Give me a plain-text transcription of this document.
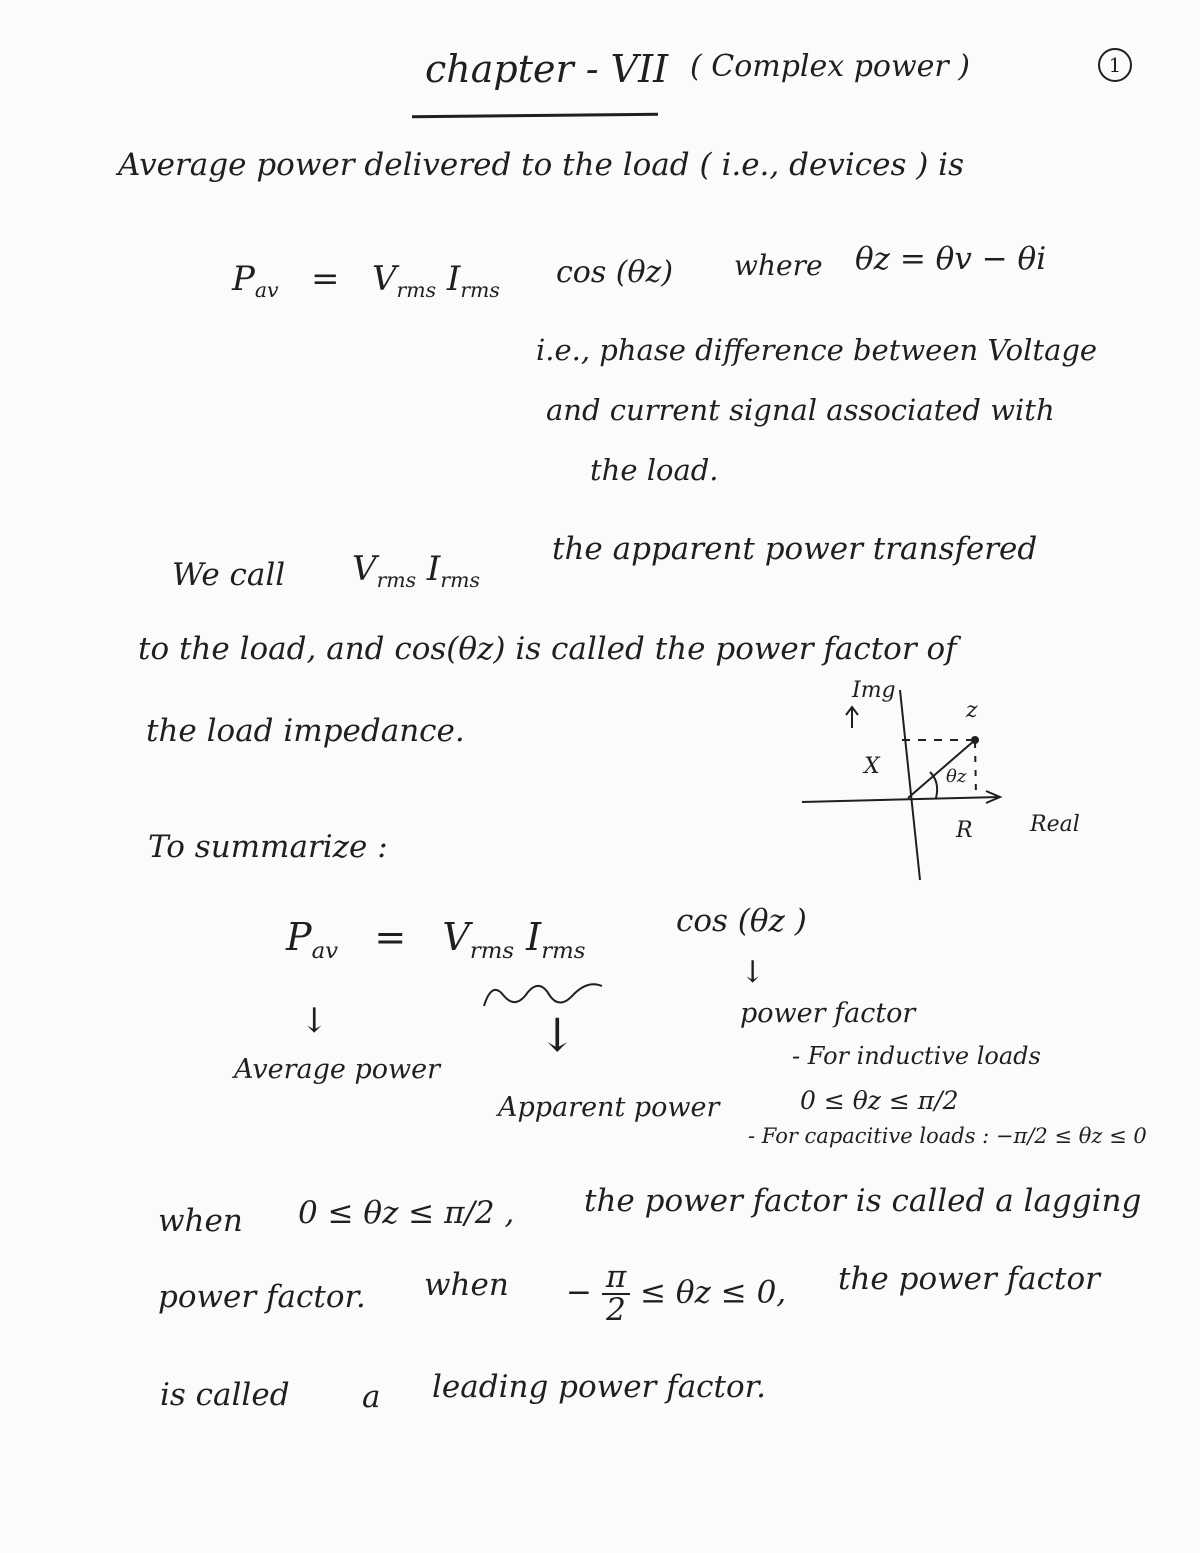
chapter - VII ( Complex power )	1
Average power delivered to the load ( i.e., devices ) is
$P_{av} = V_{rms}$ $I_{rms}$
cos (θz) where θz = θv − θi
i.e., phase difference between Voltage
and current signal associated with
the load.
We call $V_{rms}$ $I_{rms}$
the apparent power transfered
to the load, and cos(θz) is called the power factor of
the load impedance.
Img
z
X	θz
R	Real
To summarize :
$P_{av} = V_{rms}$ $I_{rms}$
cos (θz )
↓	↓
↓
Average power
Apparent power
power factor
- For inductive loads
0 ≤ θz ≤ π/2
- For capacitive loads : −π/2 ≤ θz ≤ 0
when 0 ≤ θz ≤ π/2 , the power factor is called a lagging
power factor. when − $\frac{\pi}{2} \le \theta z \le 0$, the power factor
is called a leading power factor.
